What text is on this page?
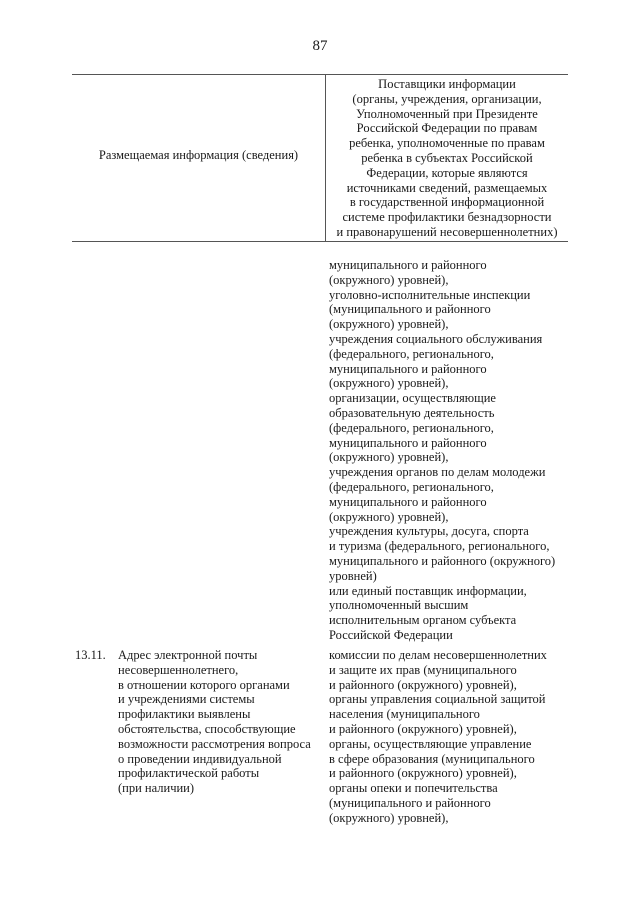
87
Размещаемая информация (сведения)
Поставщики информации
(органы, учреждения, организации,
Уполномоченный при Президенте
Российской Федерации по правам
ребенка, уполномоченные по правам
ребенка в субъектах Российской
Федерации, которые являются
источниками сведений, размещаемых
в государственной информационной
системе профилактики безнадзорности
и правонарушений несовершеннолетних)
муниципального и районного
(окружного) уровней),
уголовно-исполнительные инспекции
(муниципального и районного
(окружного) уровней),
учреждения социального обслуживания
(федерального, регионального,
муниципального и районного
(окружного) уровней),
организации, осуществляющие
образовательную деятельность
(федерального, регионального,
муниципального и районного
(окружного) уровней),
учреждения органов по делам молодежи
(федерального, регионального,
муниципального и районного
(окружного) уровней),
учреждения культуры, досуга, спорта
и туризма (федерального, регионального,
муниципального и районного (окружного)
уровней)
или единый поставщик информации,
уполномоченный высшим
исполнительным органом субъекта
Российской Федерации
13.11. Адрес электронной почты
несовершеннолетнего,
в отношении которого органами
и учреждениями системы
профилактики выявлены
обстоятельства, способствующие
возможности рассмотрения вопроса
о проведении индивидуальной
профилактической работы
(при наличии)
комиссии по делам несовершеннолетних
и защите их прав (муниципального
и районного (окружного) уровней),
органы управления социальной защитой
населения (муниципального
и районного (окружного) уровней),
органы, осуществляющие управление
в сфере образования (муниципального
и районного (окружного) уровней),
органы опеки и попечительства
(муниципального и районного
(окружного) уровней),
